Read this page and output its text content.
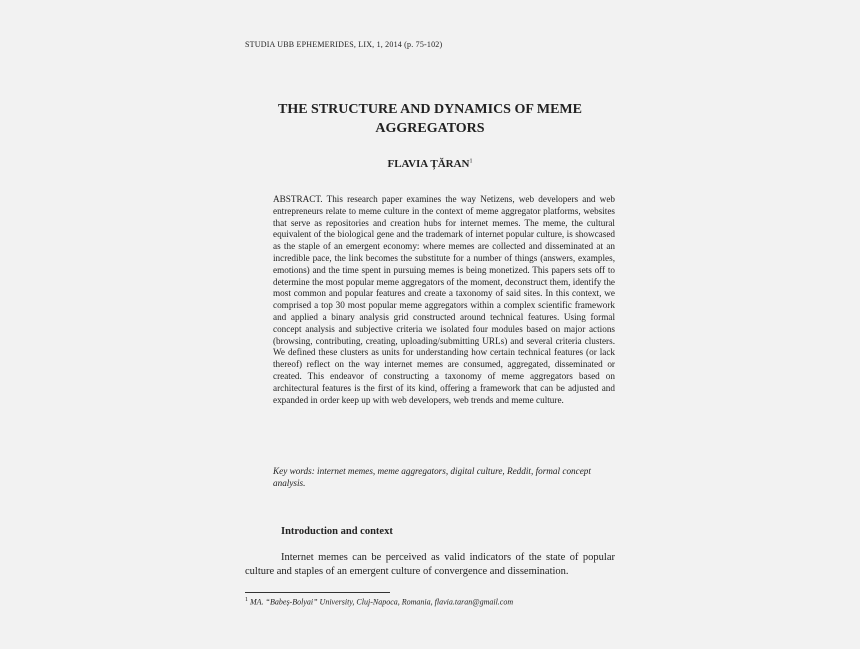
STUDIA UBB EPHEMERIDES, LIX, 1, 2014 (p. 75-102)
THE STRUCTURE AND DYNAMICS OF MEME AGGREGATORS
FLAVIA ȚĂRAN$^1$

ABSTRACT. This research paper examines the way Netizens, web developers and web entrepreneurs relate to meme culture in the context of meme aggregator platforms, websites that serve as repositories and creation hubs for internet memes. The meme, the cultural equivalent of the biological gene and the trademark of internet popular culture, is showcased as the staple of an emergent economy: where memes are collected and disseminated at an incredible pace, the link becomes the substitute for a number of things (answers, examples, emotions) and the time spent in pursuing memes is being monetized. This papers sets off to determine the most popular meme aggregators of the moment, deconstruct them, identify the most common and popular features and create a taxonomy of said sites. In this context, we comprised a top 30 most popular meme aggregators within a complex scientific framework and applied a binary analysis grid constructed around technical features. Using formal concept analysis and subjective criteria we isolated four modules based on major actions (browsing, contributing, creating, uploading/submitting URLs) and several criteria clusters. We defined these clusters as units for understanding how certain technical features (or lack thereof) reflect on the way internet memes are consumed, aggregated, disseminated or created. This endeavor of constructing a taxonomy of meme aggregators based on architectural features is the first of its kind, offering a framework that can be adjusted and expanded in order keep up with web developers, web trends and meme culture.

Key words: internet memes, meme aggregators, digital culture, Reddit, formal concept analysis.

Introduction and context

Internet memes can be perceived as valid indicators of the state of popular culture and staples of an emergent culture of convergence and dissemination.

$^1$ MA. “Babeș-Bolyai” University, Cluj-Napoca, Romania, flavia.taran@gmail.com
